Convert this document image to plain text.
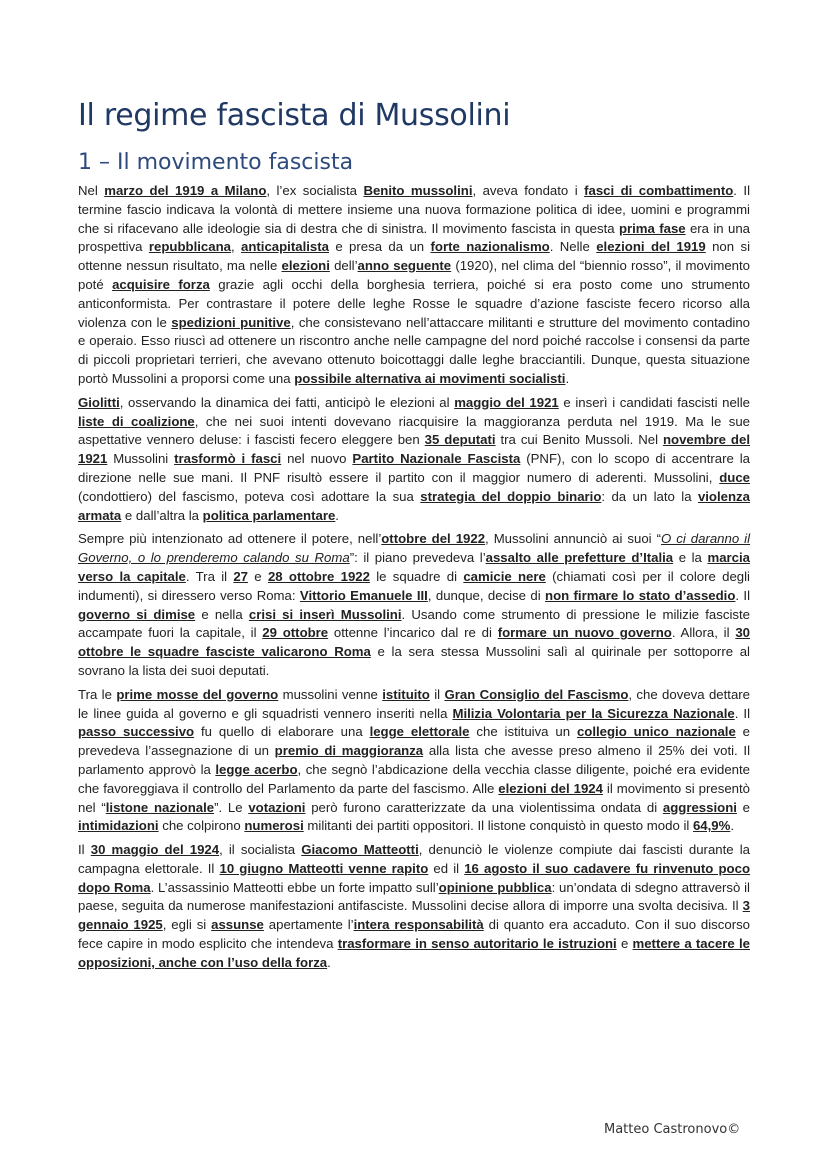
Il regime fascista di Mussolini
1 – Il movimento fascista

Nel marzo del 1919 a Milano, l’ex socialista Benito mussolini, aveva fondato i fasci di combattimento. Il termine fascio indicava la volontà di mettere insieme una nuova formazione politica di idee, uomini e programmi che si rifacevano alle ideologie sia di destra che di sinistra. Il movimento fascista in questa prima fase era in una prospettiva repubblicana, anticapitalista e presa da un forte nazionalismo. Nelle elezioni del 1919 non si ottenne nessun risultato, ma nelle elezioni dell’anno seguente (1920), nel clima del “biennio rosso”, il movimento poté acquisire forza grazie agli occhi della borghesia terriera, poiché si era posto come uno strumento anticonformista. Per contrastare il potere delle leghe Rosse le squadre d’azione fasciste fecero ricorso alla violenza con le spedizioni punitive, che consistevano nell’attaccare militanti e strutture del movimento contadino e operaio. Esso riuscì ad ottenere un riscontro anche nelle campagne del nord poiché raccolse i consensi da parte di piccoli proprietari terrieri, che avevano ottenuto boicottaggi dalle leghe bracciantili. Dunque, questa situazione portò Mussolini a proporsi come una possibile alternativa ai movimenti socialisti.

Giolitti, osservando la dinamica dei fatti, anticipò le elezioni al maggio del 1921 e inserì i candidati fascisti nelle liste di coalizione, che nei suoi intenti dovevano riacquisire la maggioranza perduta nel 1919. Ma le sue aspettative vennero deluse: i fascisti fecero eleggere ben 35 deputati tra cui Benito Mussoli. Nel novembre del 1921 Mussolini trasformò i fasci nel nuovo Partito Nazionale Fascista (PNF), con lo scopo di accentrare la direzione nelle sue mani. Il PNF risultò essere il partito con il maggior numero di aderenti. Mussolini, duce (condottiero) del fascismo, poteva così adottare la sua strategia del doppio binario: da un lato la violenza armata e dall’altra la politica parlamentare.

Sempre più intenzionato ad ottenere il potere, nell’ottobre del 1922, Mussolini annunciò ai suoi “O ci daranno il Governo, o lo prenderemo calando su Roma”: il piano prevedeva l’assalto alle prefetture d’Italia e la marcia verso la capitale. Tra il 27 e 28 ottobre 1922 le squadre di camicie nere (chiamati così per il colore degli indumenti), si diressero verso Roma: Vittorio Emanuele III, dunque, decise di non firmare lo stato d’assedio. Il governo si dimise e nella crisi si inserì Mussolini. Usando come strumento di pressione le milizie fasciste accampate fuori la capitale, il 29 ottobre ottenne l’incarico dal re di formare un nuovo governo. Allora, il 30 ottobre le squadre fasciste valicarono Roma e la sera stessa Mussolini salì al quirinale per sottoporre al sovrano la lista dei suoi deputati.

Tra le prime mosse del governo mussolini venne istituito il Gran Consiglio del Fascismo, che doveva dettare le linee guida al governo e gli squadristi vennero inseriti nella Milizia Volontaria per la Sicurezza Nazionale. Il passo successivo fu quello di elaborare una legge elettorale che istituiva un collegio unico nazionale e prevedeva l’assegnazione di un premio di maggioranza alla lista che avesse preso almeno il 25% dei voti. Il parlamento approvò la legge acerbo, che segnò l’abdicazione della vecchia classe diligente, poiché era evidente che favoreggiava il controllo del Parlamento da parte del fascismo. Alle elezioni del 1924 il movimento si presentò nel “listone nazionale”. Le votazioni però furono caratterizzate da una violentissima ondata di aggressioni e intimidazioni che colpirono numerosi militanti dei partiti oppositori. Il listone conquistò in questo modo il 64,9%.

Il 30 maggio del 1924, il socialista Giacomo Matteotti, denunciò le violenze compiute dai fascisti durante la campagna elettorale. Il 10 giugno Matteotti venne rapito ed il 16 agosto il suo cadavere fu rinvenuto poco dopo Roma. L’assassinio Matteotti ebbe un forte impatto sull’opinione pubblica: un’ondata di sdegno attraversò il paese, seguita da numerose manifestazioni antifasciste. Mussolini decise allora di imporre una svolta decisiva. Il 3 gennaio 1925, egli si assunse apertamente l’intera responsabilità di quanto era accaduto. Con il suo discorso fece capire in modo esplicito che intendeva trasformare in senso autoritario le istruzioni e mettere a tacere le opposizioni, anche con l’uso della forza.

Matteo Castronovo©
